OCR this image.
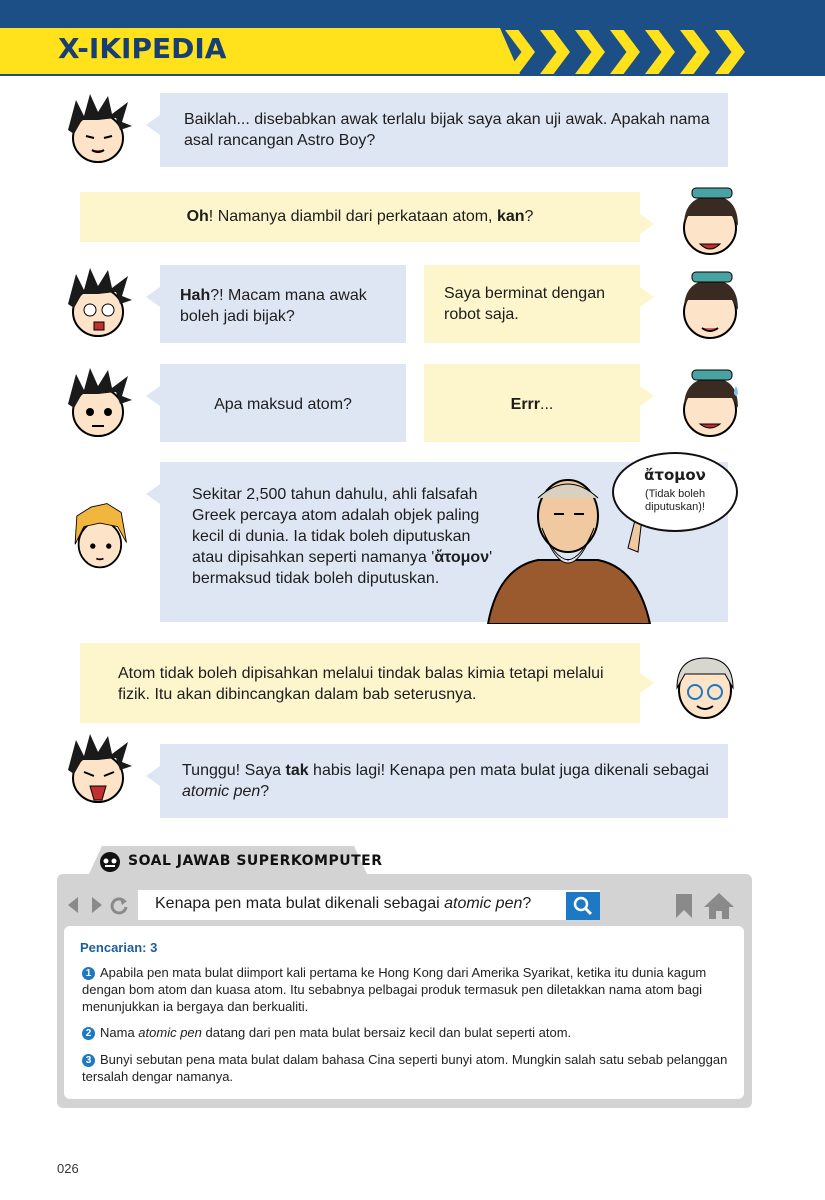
X-IKIPEDIA
Baiklah... disebabkan awak terlalu bijak saya akan uji awak. Apakah nama asal rancangan Astro Boy?
Oh! Namanya diambil dari perkataan atom, kan?
Hah?! Macam mana awak boleh jadi bijak?
Saya berminat dengan robot saja.
Apa maksud atom?	Errr...
Sekitar 2,500 tahun dahulu, ahli falsafah Greek percaya atom adalah objek paling kecil di dunia. Ia tidak boleh diputuskan atau dipisahkan seperti namanya 'ἄτομον' bermaksud tidak boleh diputuskan.
ἄτομον
(Tidak boleh diputuskan)!
Atom tidak boleh dipisahkan melalui tindak balas kimia tetapi melalui fizik. Itu akan dibincangkan dalam bab seterusnya.
Tunggu! Saya tak habis lagi! Kenapa pen mata bulat juga dikenali sebagai atomic pen?
SOAL JAWAB SUPERKOMPUTER
Kenapa pen mata bulat dikenali sebagai atomic pen?
Pencarian: 3
1 Apabila pen mata bulat diimport kali pertama ke Hong Kong dari Amerika Syarikat, ketika itu dunia kagum dengan bom atom dan kuasa atom. Itu sebabnya pelbagai produk termasuk pen diletakkan nama atom bagi menunjukkan ia bergaya dan berkualiti.
2 Nama atomic pen datang dari pen mata bulat bersaiz kecil dan bulat seperti atom.
3 Bunyi sebutan pena mata bulat dalam bahasa Cina seperti bunyi atom. Mungkin salah satu sebab pelanggan tersalah dengar namanya.
026
